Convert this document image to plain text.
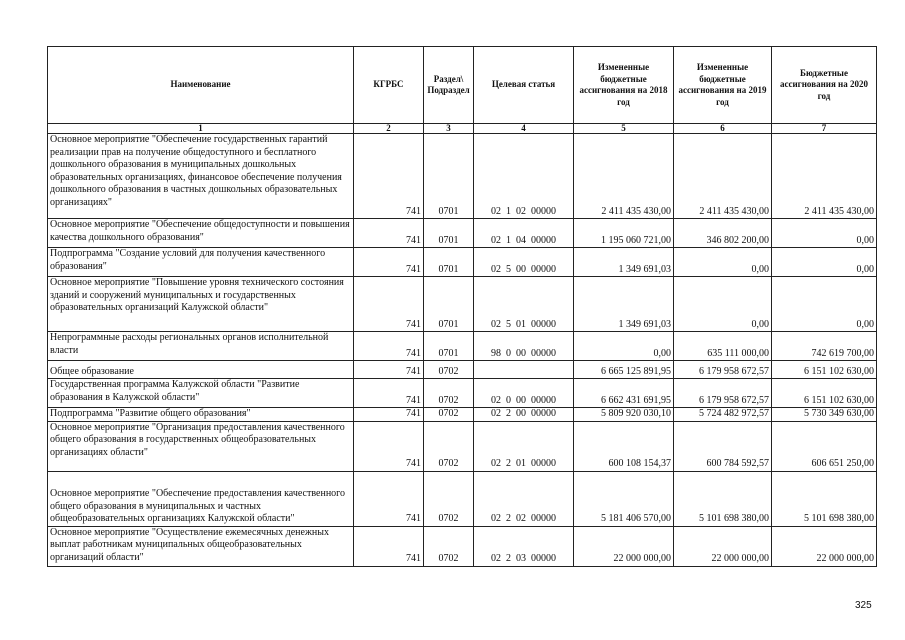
Наименование	КГРБС	Раздел\ Подраздел	Целевая статья	Измененные бюджетные ассигнования на 2018 год	Измененные бюджетные ассигнования на 2019 год	Бюджетные ассигнования на 2020 год
1	2	3	4	5	6	7
Основное мероприятие "Обеспечение государственных гарантий реализации прав на получение общедоступного и бесплатного дошкольного образования в муниципальных дошкольных образовательных организациях, финансовое обеспечение получения дошкольного образования в частных дошкольных образовательных организациях"	741	0701	02  1  02  00000	2 411 435 430,00	2 411 435 430,00	2 411 435 430,00
Основное мероприятие "Обеспечение общедоступности и повышения качества дошкольного образования"	741	0701	02  1  04  00000	1 195 060 721,00	346 802 200,00	0,00
Подпрограмма "Создание условий для получения качественного образования"	741	0701	02  5  00  00000	1 349 691,03	0,00	0,00
Основное мероприятие "Повышение уровня технического состояния зданий и сооружений муниципальных и государственных образовательных организаций Калужской области"	741	0701	02  5  01  00000	1 349 691,03	0,00	0,00
Непрограммные расходы региональных органов исполнительной власти	741	0701	98  0  00  00000	0,00	635 111 000,00	742 619 700,00
Общее образование	741	0702		6 665 125 891,95	6 179 958 672,57	6 151 102 630,00
Государственная программа Калужской области "Развитие образования в Калужской области"	741	0702	02  0  00  00000	6 662 431 691,95	6 179 958 672,57	6 151 102 630,00
Подпрограмма "Развитие общего образования"	741	0702	02  2  00  00000	5 809 920 030,10	5 724 482 972,57	5 730 349 630,00
Основное мероприятие "Организация предоставления качественного общего образования в государственных общеобразовательных организациях области"	741	0702	02  2  01  00000	600 108 154,37	600 784 592,57	606 651 250,00
Основное мероприятие "Обеспечение предоставления качественного общего образования в муниципальных и частных общеобразовательных организациях Калужской области"	741	0702	02  2  02  00000	5 181 406 570,00	5 101 698 380,00	5 101 698 380,00
Основное мероприятие "Осуществление ежемесячных денежных выплат работникам муниципальных общеобразовательных организаций области"	741	0702	02  2  03  00000	22 000 000,00	22 000 000,00	22 000 000,00
325
